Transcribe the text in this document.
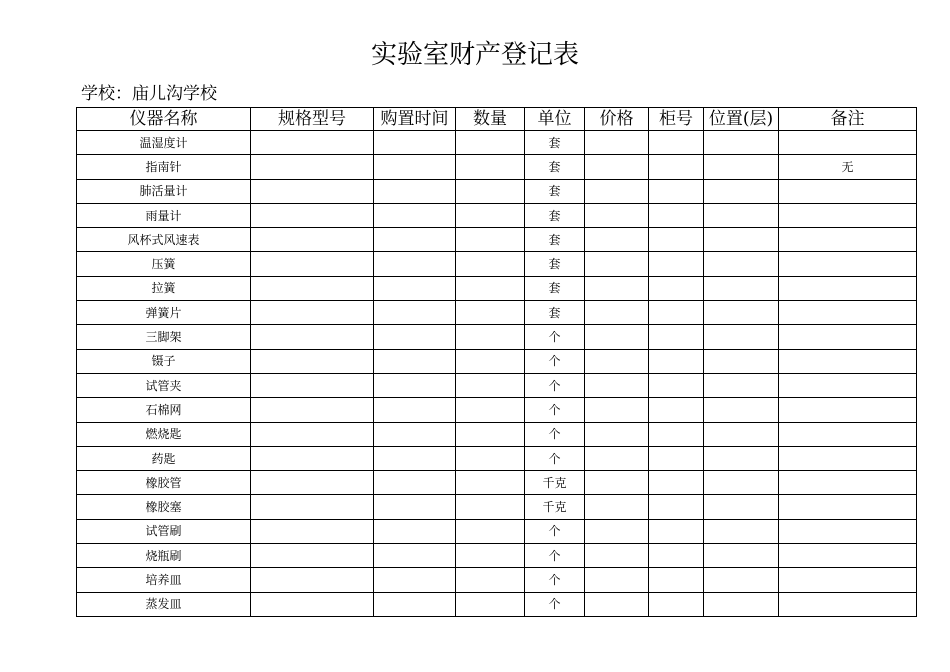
实验室财产登记表
学校：庙儿沟学校
仪器名称	规格型号	购置时间	数量	单位	价格	柜号	位置(层)	备注
温湿度计				套				
指南针				套				无
肺活量计				套				
雨量计				套				
风杯式风速表				套				
压簧				套				
拉簧				套				
弹簧片				套				
三脚架				个				
镊子				个				
试管夹				个				
石棉网				个				
燃烧匙				个				
药匙				个				
橡胶管				千克				
橡胶塞				千克				
试管刷				个				
烧瓶刷				个				
培养皿				个				
蒸发皿				个				
